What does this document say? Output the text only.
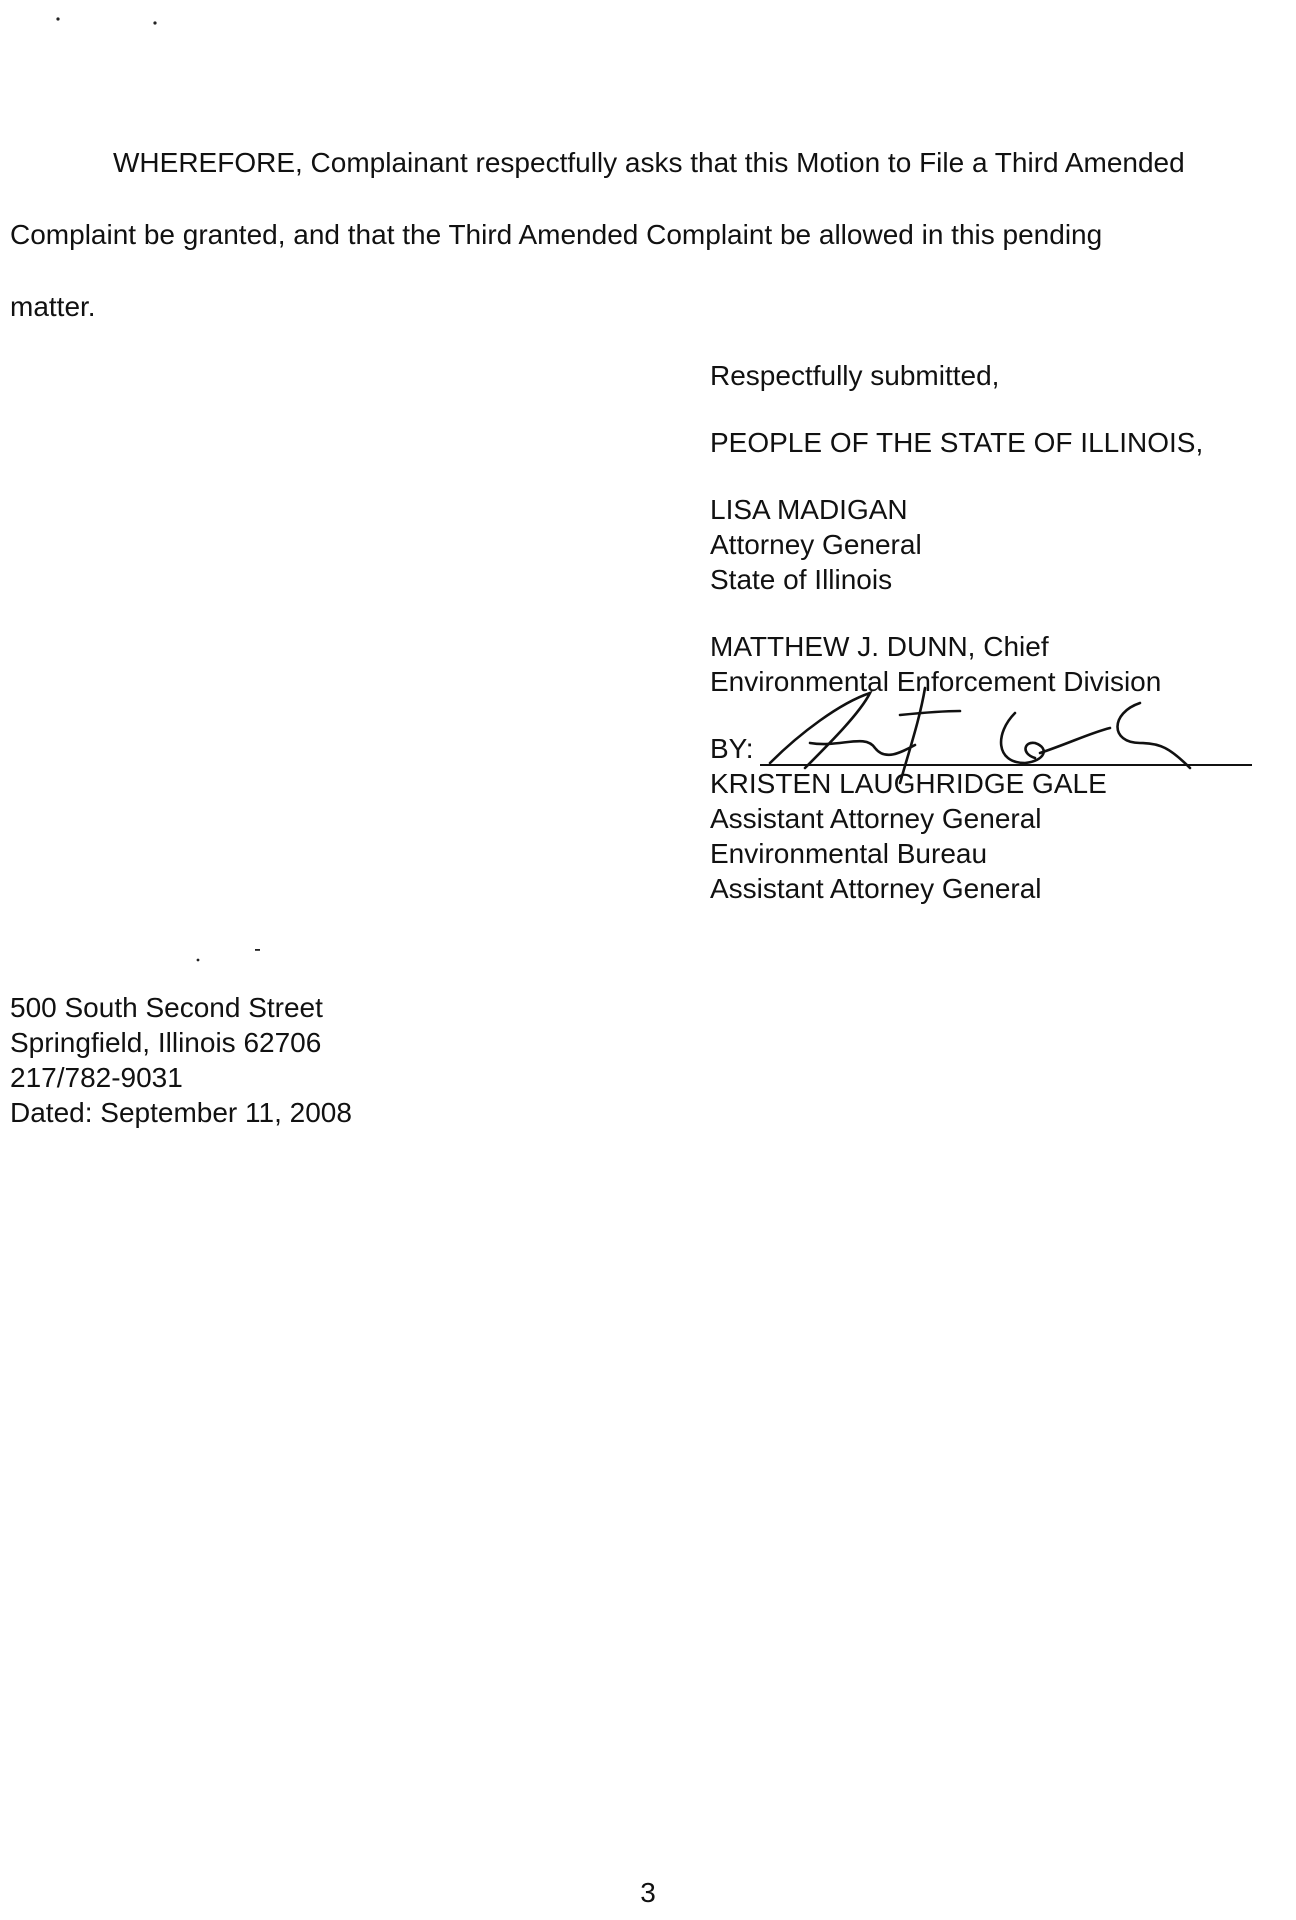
WHEREFORE, Complainant respectfully asks that this Motion to File a Third Amended
Complaint be granted, and that the Third Amended Complaint be allowed in this pending
matter.
Respectfully submitted,
PEOPLE OF THE STATE OF ILLINOIS,
LISA MADIGAN
Attorney General
State of Illinois
MATTHEW J. DUNN, Chief
Environmental Enforcement Division
BY:
KRISTEN LAUGHRIDGE GALE
Assistant Attorney General
Environmental Bureau
Assistant Attorney General
500 South Second Street
Springfield, Illinois 62706
217/782-9031
Dated: September 11, 2008
3
